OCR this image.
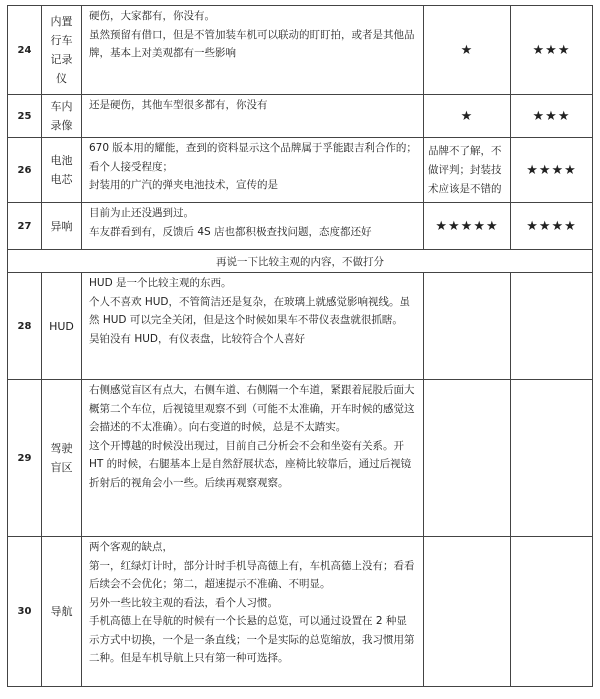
24	内置
行车
记录
仪	硬伤，大家都有，你没有。
虽然预留有借口，但是不管加装车机可以联动的盯盯拍，或者是其他品牌，基本上对美观都有一些影响	★	★★★
25	车内
录像	还是硬伤，其他车型很多都有，你没有	★	★★★
26	电池
电芯	670 版本用的耀能，查到的资料显示这个品牌属于孚能跟吉利合作的；看个人接受程度；
封装用的广汽的弹夹电池技术，宣传的是	品牌不了解，不
做评判；封装技
术应该是不错的	★★★★
27	异响	目前为止还没遇到过。
车友群看到有，反馈后 4S 店也都积极查找问题，态度都还好	★★★★★	★★★★
再说一下比较主观的内容，不做打分				
28	HUD	HUD 是一个比较主观的东西。
个人不喜欢 HUD，不管简洁还是复杂，在玻璃上就感觉影响视线。虽然 HUD 可以完全关闭，但是这个时候如果车不带仪表盘就很抓瞎。
昊铂没有 HUD，有仪表盘，比较符合个人喜好		

29	驾驶
盲区	右侧感觉盲区有点大，右侧车道、右侧隔一个车道，紧跟着屁股后面大概第二个车位，后视镜里观察不到（可能不太准确，开车时候的感觉这会描述的不太准确）。向右变道的时候，总是不太踏实。
这个开博越的时候没出现过，目前自己分析会不会和坐姿有关系。开 HT 的时候，右腿基本上是自然舒展状态，座椅比较靠后，通过后视镜折射后的视角会小一些。后续再观察观察。		

30	导航	两个客观的缺点，
第一，红绿灯计时，部分计时手机导高德上有，车机高德上没有；看看后续会不会优化；第二，超速提示不准确、不明显。
另外一些比较主观的看法，看个人习惯。
手机高德上在导航的时候有一个长悬的总览，可以通过设置在 2 种显示方式中切换，一个是一条直线；一个是实际的总览缩放，我习惯用第二种。但是车机导航上只有第一种可选择。		
